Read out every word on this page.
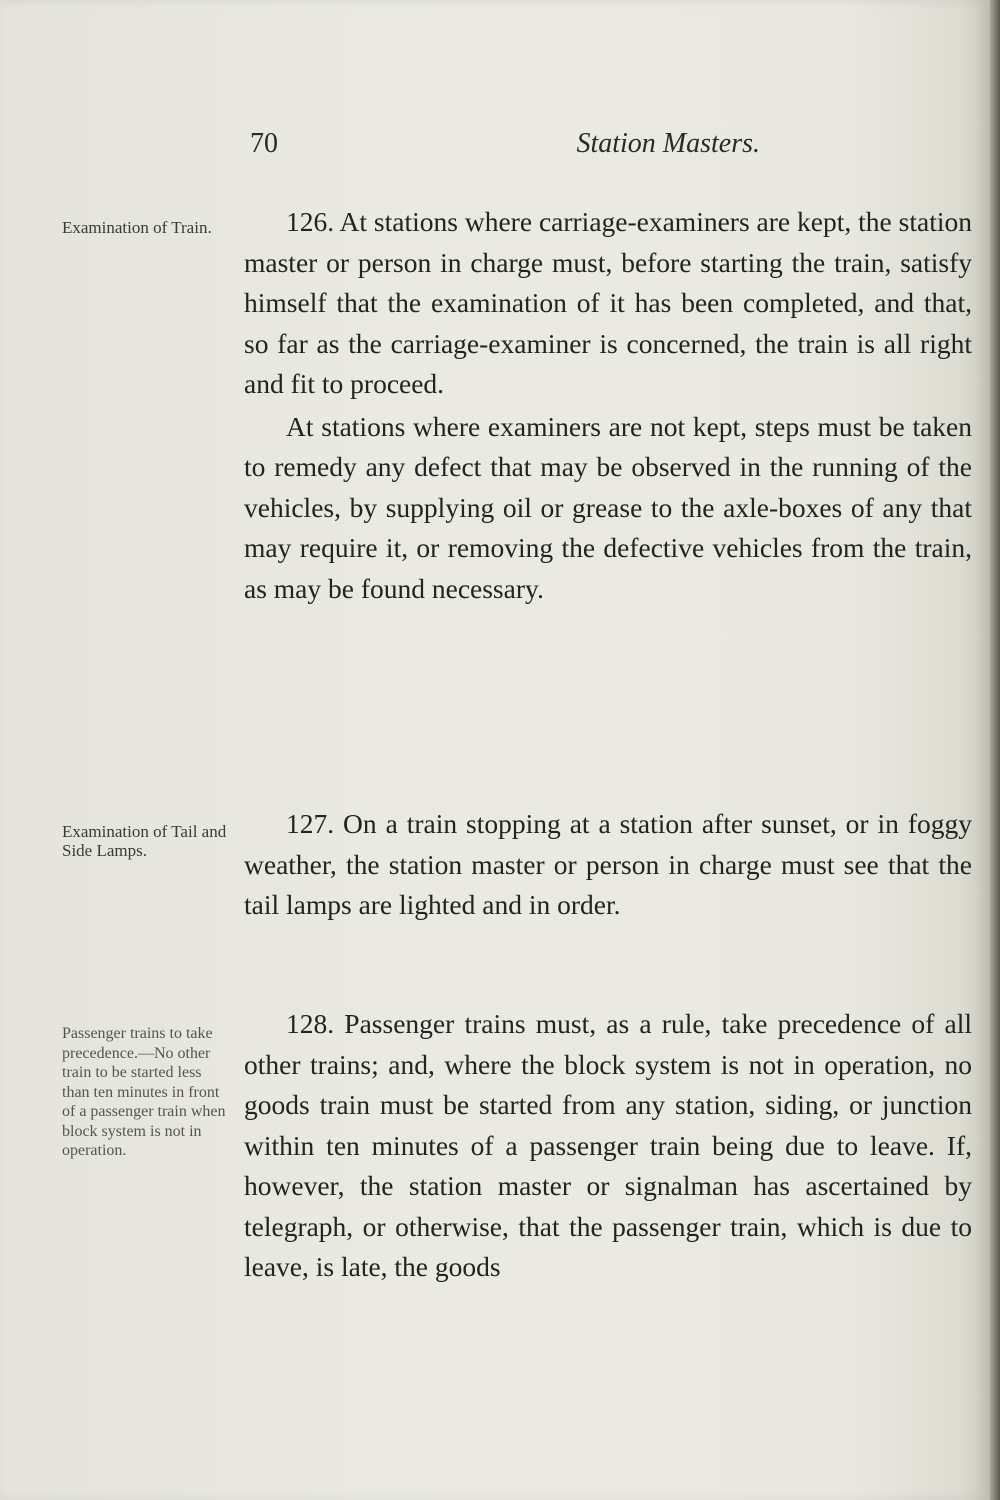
70	Station Masters.
Examination of Train.	126. At stations where carriage-examiners are kept, the station master or person in charge must, before starting the train, satisfy himself that the examination of it has been completed, and that, so far as the carriage-examiner is concerned, the train is all right and fit to proceed.

At stations where examiners are not kept, steps must be taken to remedy any defect that may be observed in the running of the vehicles, by supplying oil or grease to the axle-boxes of any that may require it, or removing the defective vehicles from the train, as may be found necessary.

Examination of Tail and Side Lamps.

127. On a train stopping at a station after sunset, or in foggy weather, the station master or person in charge must see that the tail lamps are lighted and in order.

Passenger trains to take precedence.—No other train to be started less than ten minutes in front of a passenger train when block system is not in operation.

128. Passenger trains must, as a rule, take precedence of all other trains; and, where the block system is not in operation, no goods train must be started from any station, siding, or junction within ten minutes of a passenger train being due to leave. If, however, the station master or signalman has ascertained by telegraph, or otherwise, that the passenger train, which is due to leave, is late, the goods
